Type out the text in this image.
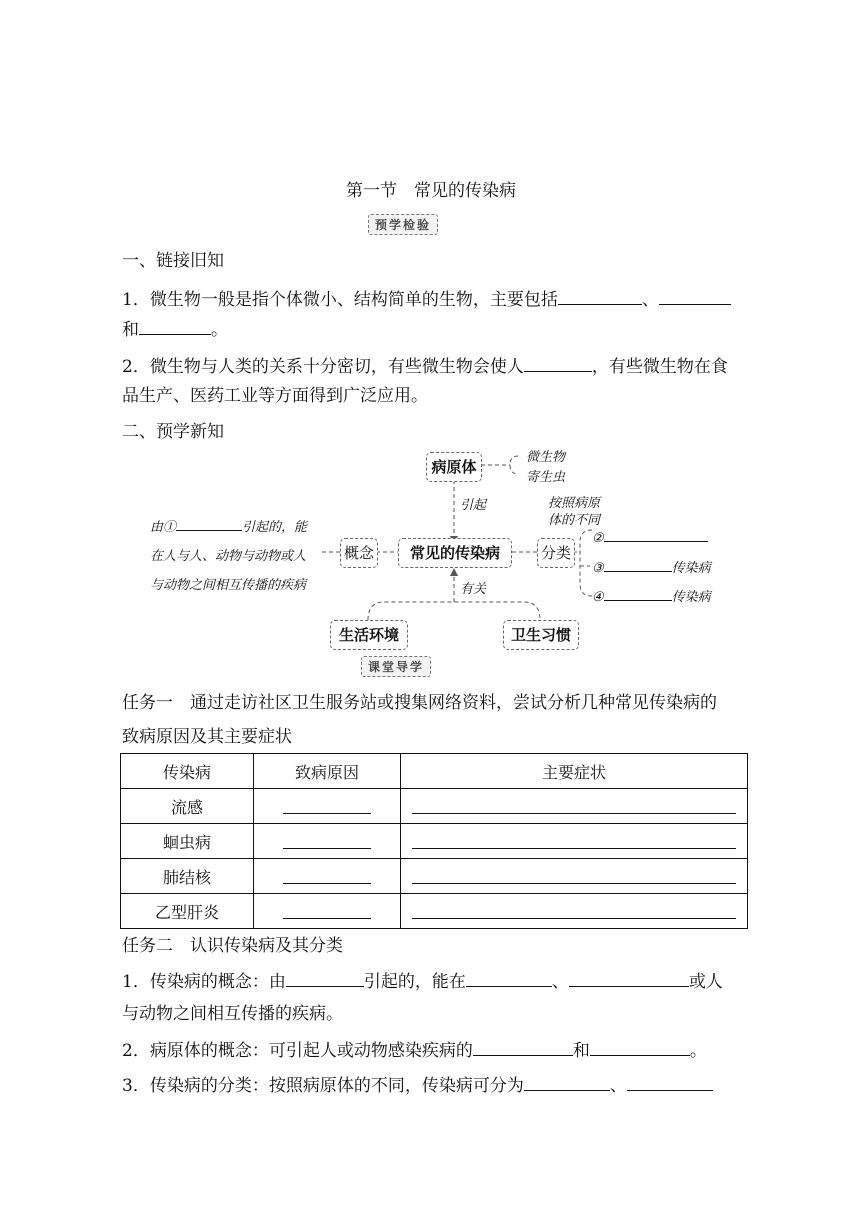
第一节　常见的传染病
预学检验
一、链接旧知
1．微生物一般是指个体微小、结构简单的生物，主要包括	、
和	。
2．微生物与人类的关系十分密切，有些微生物会使人	，有些微生物在食
品生产、医药工业等方面得到广泛应用。
二、预学新知
病原体
微生物
寄生虫
引起	按照病原
体的不同
常见的传染病
概念	分类
由①	引起的，能
在人与人、动物与动物或人
与动物之间相互传播的疾病
②
③	传染病
④	传染病
有关
生活环境	卫生习惯
课堂导学
任务一　通过走访社区卫生服务站或搜集网络资料，尝试分析几种常见传染病的
致病原因及其主要症状
传染病	致病原因	主要症状
流感		
蛔虫病		
肺结核		
乙型肝炎		
任务二　认识传染病及其分类
1．传染病的概念：由	引起的，能在	、	或人
与动物之间相互传播的疾病。
2．病原体的概念：可引起人或动物感染疾病的	和	。
3．传染病的分类：按照病原体的不同，传染病可分为	、
